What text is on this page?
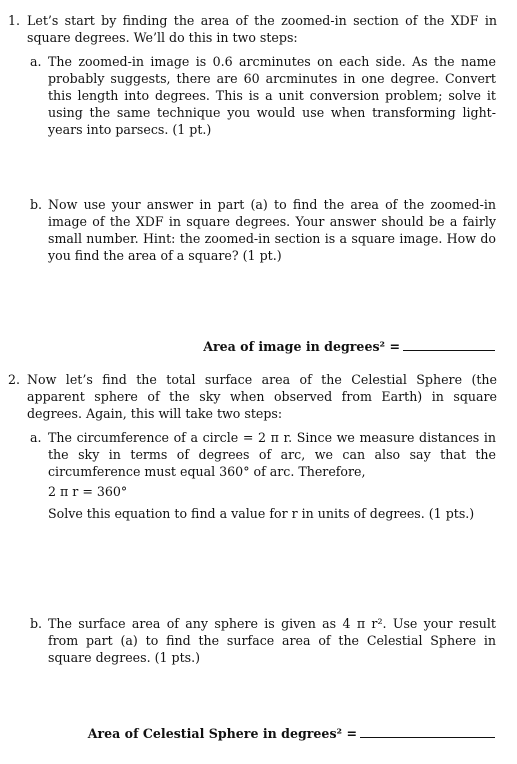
1. Let’s start by finding the area of the zoomed-in section of the XDF in square degrees. We’ll do this in two steps:
a. The zoomed-in image is 0.6 arcminutes on each side. As the name probably suggests, there are 60 arcminutes in one degree. Convert this length into degrees. This is a unit conversion problem; solve it using the same technique you would use when transforming light-years into parsecs. (1 pt.)
b. Now use your answer in part (a) to find the area of the zoomed-in image of the XDF in square degrees. Your answer should be a fairly small number. Hint: the zoomed-in section is a square image. How do you find the area of a square? (1 pt.)
Area of image in degrees² =
2. Now let’s find the total surface area of the Celestial Sphere (the apparent sphere of the sky when observed from Earth) in square degrees. Again, this will take two steps:
a. The circumference of a circle = 2 π r. Since we measure distances in the sky in terms of degrees of arc, we can also say that the circumference must equal 360° of arc. Therefore,
2 π r = 360°
Solve this equation to find a value for r in units of degrees. (1 pts.)
b. The surface area of any sphere is given as 4 π r². Use your result from part (a) to find the surface area of the Celestial Sphere in square degrees. (1 pts.)
Area of Celestial Sphere in degrees² =
